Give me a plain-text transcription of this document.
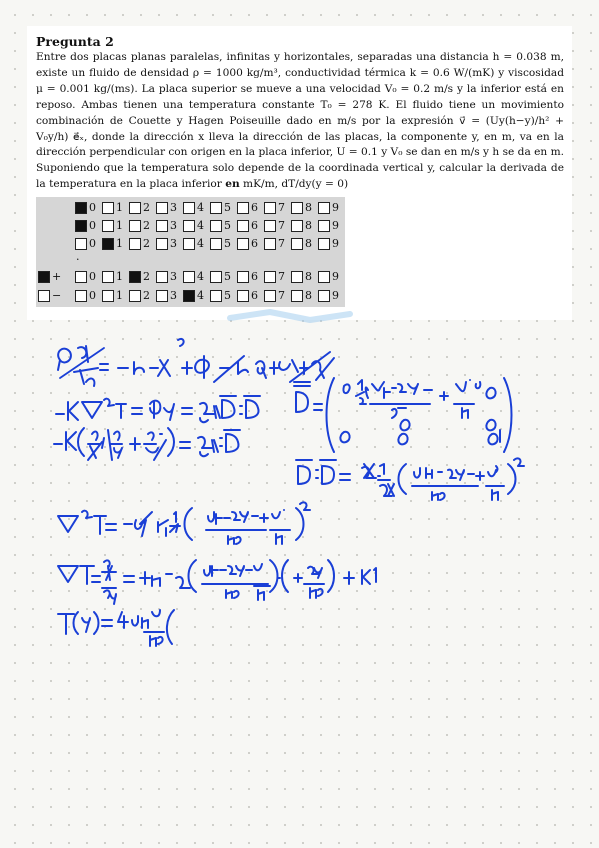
Pregunta 2
Entre dos placas planas paralelas, infinitas y horizontales, separadas una distancia h = 0.038 m, existe un fluido de densidad ρ = 1000 kg/m³, conductividad térmica k = 0.6 W/(mK) y viscosidad μ = 0.001 kg/(ms). La placa superior se mueve a una velocidad V₀ = 0.2 m/s y la inferior está en reposo. Ambas tienen una temperatura constante T₀ = 278 K. El fluido tiene un movimiento combinación de Couette y Hagen Poiseuille dado en m/s por la expresión v⃗ = (Uy(h−y)/h² + V₀y/h) e⃗ₓ, donde la dirección x lleva la dirección de las placas, la componente y, en m, va en la dirección perpendicular con origen en la placa inferior, U = 0.1 y V₀ se dan en m/s y h se da en m. Suponiendo que la temperatura solo depende de la coordinada vertical y, calcular la derivada de la temperatura en la placa inferior en mK/m, dT/dy(y = 0)
0 1 2 3 4 5 6 7 8 9
0 1 2 3 4 5 6 7 8 9
0 1 2 3 4 5 6 7 8 9
+	0 1 2 3 4 5 6 7 8 9
−	0 1 2 3 4 5 6 7 8 9
.
